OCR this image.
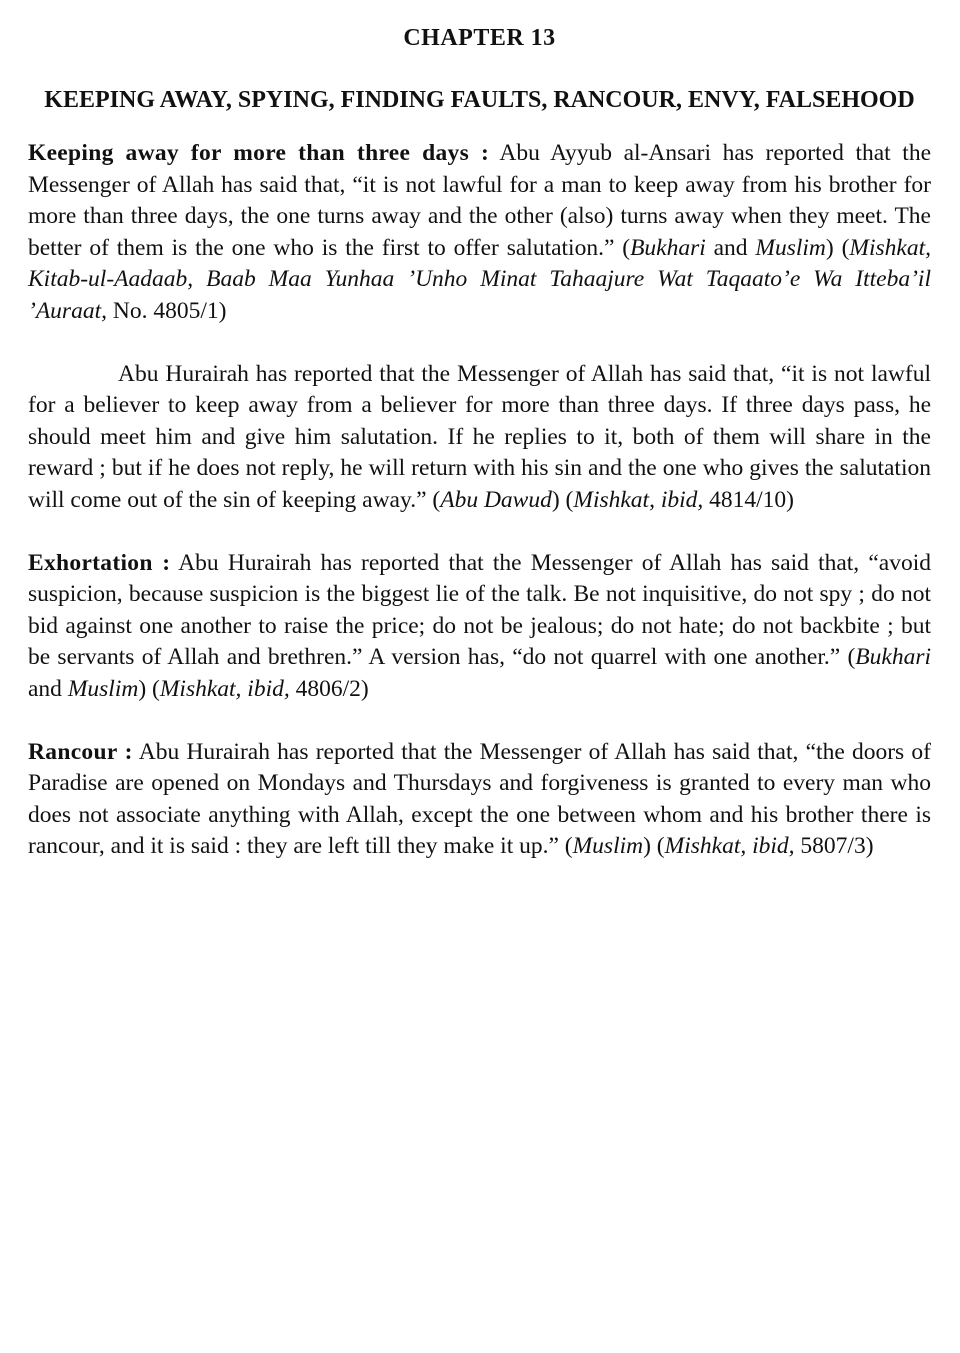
CHAPTER 13
KEEPING AWAY, SPYING, FINDING FAULTS, RANCOUR, ENVY, FALSEHOOD

Keeping away for more than three days : Abu Ayyub al-Ansari has reported that the Messenger of Allah has said that, “it is not lawful for a man to keep away from his brother for more than three days, the one turns away and the other (also) turns away when they meet. The better of them is the one who is the first to offer salutation.” (Bukhari and Muslim) (Mishkat, Kitab-ul-Aadaab, Baab Maa Yunhaa ’Unho Minat Tahaajure Wat Taqaato’e Wa Itteba’il ’Auraat, No. 4805/1)

Abu Hurairah has reported that the Messenger of Allah has said that, “it is not lawful for a believer to keep away from a believer for more than three days. If three days pass, he should meet him and give him salutation. If he replies to it, both of them will share in the reward ; but if he does not reply, he will return with his sin and the one who gives the salutation will come out of the sin of keeping away.” (Abu Dawud) (Mishkat, ibid, 4814/10)

Exhortation : Abu Hurairah has reported that the Messenger of Allah has said that, “avoid suspicion, because suspicion is the biggest lie of the talk. Be not inquisitive, do not spy ; do not bid against one another to raise the price; do not be jealous; do not hate; do not backbite ; but be servants of Allah and brethren.” A version has, “do not quarrel with one another.” (Bukhari and Muslim) (Mishkat, ibid, 4806/2)

Rancour : Abu Hurairah has reported that the Messenger of Allah has said that, “the doors of Paradise are opened on Mondays and Thursdays and forgiveness is granted to every man who does not associate anything with Allah, except the one between whom and his brother there is rancour, and it is said : they are left till they make it up.” (Muslim) (Mishkat, ibid, 5807/3)
